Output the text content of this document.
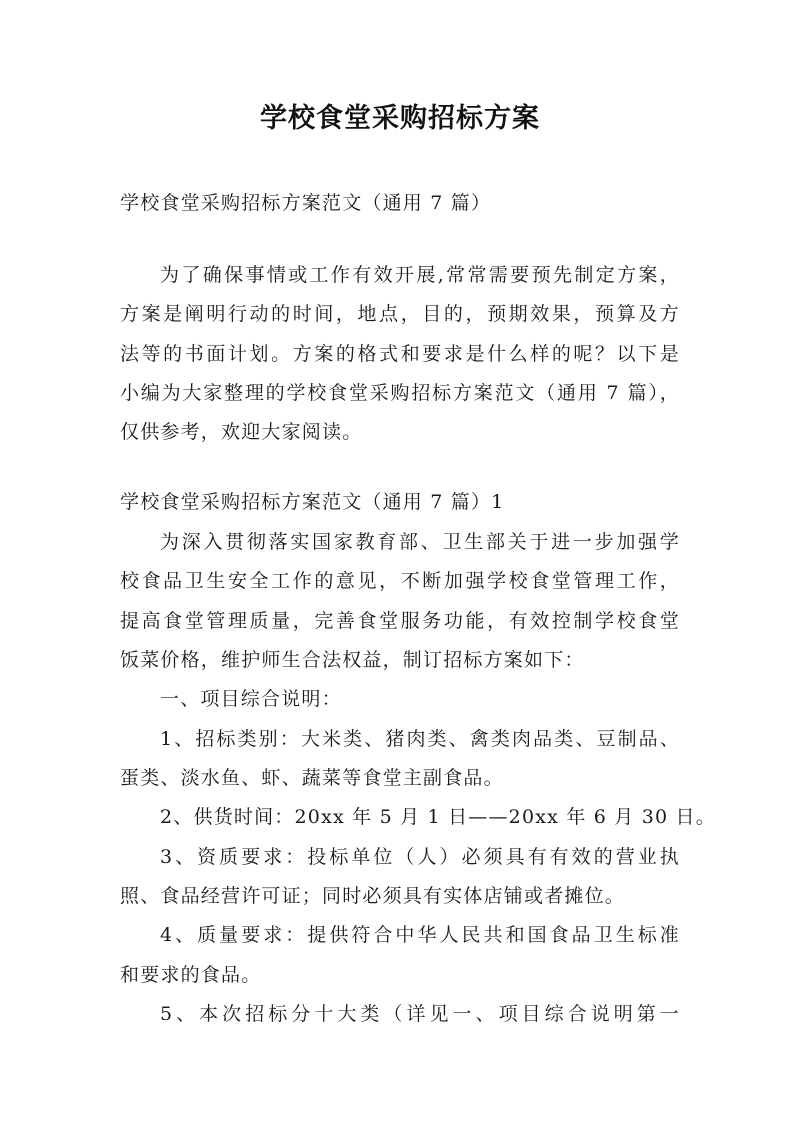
学校食堂采购招标方案
学校食堂采购招标方案范文（通用 7 篇）
为了确保事情或工作有效开展,常常需要预先制定方案，
方案是阐明行动的时间，地点，目的，预期效果，预算及方
法等的书面计划。方案的格式和要求是什么样的呢？以下是
小编为大家整理的学校食堂采购招标方案范文（通用 7 篇），
仅供参考，欢迎大家阅读。
学校食堂采购招标方案范文（通用 7 篇）1
为深入贯彻落实国家教育部、卫生部关于进一步加强学
校食品卫生安全工作的意见，不断加强学校食堂管理工作，
提高食堂管理质量，完善食堂服务功能，有效控制学校食堂
饭菜价格，维护师生合法权益，制订招标方案如下：
一、项目综合说明：
1、招标类别：大米类、猪肉类、禽类肉品类、豆制品、
蛋类、淡水鱼、虾、蔬菜等食堂主副食品。
2、供货时间：20xx 年 5 月 1 日——20xx 年 6 月 30 日。
3、资质要求：投标单位（人）必须具有有效的营业执
照、食品经营许可证；同时必须具有实体店铺或者摊位。
4、质量要求：提供符合中华人民共和国食品卫生标准
和要求的食品。
5、本次招标分十大类（详见一、项目综合说明第一
